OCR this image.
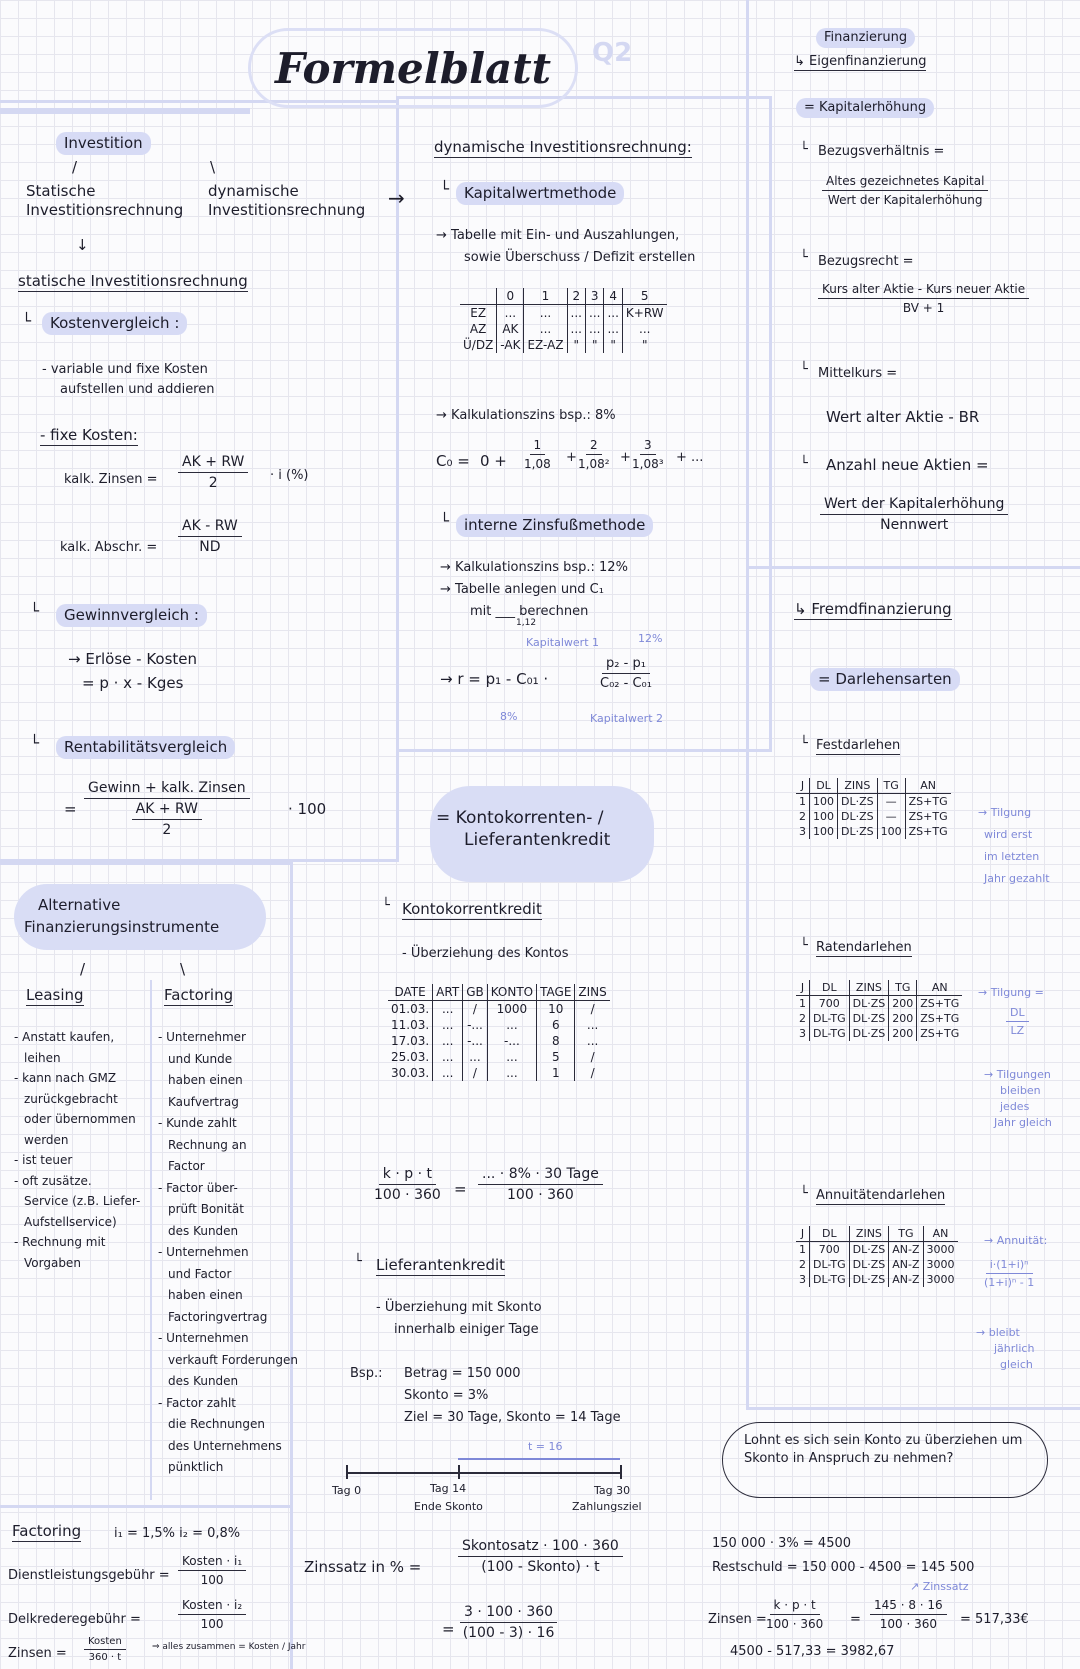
Formelblatt	Q2
Investition
/	\
Statische Investitionsrechnung
dynamische Investitionsrechnung
↓
→
statische Investitionsrechnung
└	Kostenvergleich :
- variable und fixe Kosten
aufstellen und addieren
- fixe Kosten:
kalk. Zinsen = $\frac{AK + RW}{2} \cdot i$ (%)
kalk. Abschr. = $\frac{AK - RW}{ND}$
└	Gewinnvergleich :
→ Erlöse - Kosten
= p · x - Kges
└	Rentabilitätsvergleich
=
Gewinn + kalk. Zinsen
AK + RW
2
· 100
dynamische Investitionsrechnung:
└ Kapitalwertmethode
→ Tabelle mit Ein- und Auszahlungen,
sowie Überschuss / Defizit erstellen
	0	1	2	3	4	5
EZ	...	...	...	...	...	K+RW
AZ	AK	...	...	...	...	...
Ü/DZ	-AK	EZ-AZ	"	"	"	"
→ Kalkulationszins bsp.: 8%
$C_0 = 0 + \frac{1}{1,08} + \frac{2}{\text{1,08²}} + \frac{3}{\text{1,08³}}$ + ...
└ interne Zinsfußmethode
→ Kalkulationszins bsp.: 12%
→ Tabelle anlegen und C₁
mit ___ berechnen
1,12
Kapitalwert 1	12%
→ r = p₁ - C₀₁ ·	$\frac{\text{p₂ - p₁}}{\text{C₀₂ - C₀₁}}$
8%	Kapitalwert 2
Finanzierung
↳ Eigenfinanzierung
= Kapitalerhöhung
└ Bezugsverhältnis =
Altes gezeichnetes Kapital
Wert der Kapitalerhöhung
└ Bezugsrecht =
Kurs alter Aktie - Kurs neuer Aktie
BV + 1
└ Mittelkurs =
Wert alter Aktie - BR
└ Anzahl neue Aktien =
Wert der Kapitalerhöhung
Nennwert
↳ Fremdfinanzierung
= Darlehensarten
└ Festdarlehen
J	DL	ZINS	TG	AN
1	100	DL·ZS	—	ZS+TG
2	100	DL·ZS	—	ZS+TG
3	100	DL·ZS	100	ZS+TG
→ Tilgung
wird erst
im letzten
Jahr gezahlt
└ Ratendarlehen
J	DL	ZINS	TG	AN
1	700	DL·ZS	200	ZS+TG
2	DL-TG	DL·ZS	200	ZS+TG
3	DL-TG	DL·ZS	200	ZS+TG
→ Tilgung =
$\frac{DL}{LZ}$
→ Tilgungen
bleiben
jedes
Jahr gleich
└ Annuitätendarlehen
J	DL	ZINS	TG	AN
1	700	DL·ZS	AN-Z	3000
2	DL-TG	DL·ZS	AN-Z	3000
3	DL-TG	DL·ZS	AN-Z	3000
→ Annuität:
$\frac{\text{i·(1+i)ⁿ}}{\text{(1+i)ⁿ - 1}}$
→ bleibt
jährlich
gleich
Alternative
Finanzierungsinstrumente
/	\
Leasing	Factoring
- Anstatt kaufen,
leihen
- kann nach GMZ
zurückgebracht
oder übernommen
werden
- ist teuer
- oft zusätze.
Service (z.B. Liefer-
Aufstellservice)
- Rechnung mit
Vorgaben
- Unternehmer
und Kunde
haben einen
Kaufvertrag
- Kunde zahlt
Rechnung an
Factor
- Factor über-
prüft Bonität
des Kunden
- Unternehmen
und Factor
haben einen
Factoringvertrag
- Unternehmen
verkauft Forderungen
des Kunden
- Factor zahlt
die Rechnungen
des Unternehmens
pünktlich
Factoring	i₁ = 1,5% i₂ = 0,8%
Dienstleistungsgebühr =
Kosten · i₁
100
Delkrederegebühr =
Kosten · i₂
100
Zinsen =
Kosten
360 · t
⇒ alles zusammen = Kosten / Jahr
= Kontokorrenten- /
Lieferantenkredit
└ Kontokorrentkredit
- Überziehung des Kontos
DATE	ART	GB	KONTO	TAGE	ZINS
01.03.	...	/	1000	10	/
11.03.	...	-...	...	6	...
17.03.	...	-...	-...	8	...
25.03.	...	...	...	5	/
30.03.	...	/	...	1	/
$\frac{k \cdot p \cdot t}{100 \cdot 360}$ =
... · 8% · 30 Tage
100 · 360
└ Lieferantenkredit
- Überziehung mit Skonto
innerhalb einiger Tage
Bsp.: Betrag = 150 000
Skonto = 3%
Ziel = 30 Tage, Skonto = 14 Tage
t = 16
Tag 0	Tag 14
Ende Skonto
Tag 30
Zahlungsziel
Lohnt es sich sein Konto zu überziehen um Skonto in Anspruch zu nehmen?
Zinssatz in % =
Skontosatz · 100 · 360
(100 - Skonto) · t
= $\frac{3 \cdot 100 \cdot 360}{(100 - 3) \cdot 16}$
150 000 · 3% = 4500
Restschuld = 150 000 - 4500 = 145 500
↗ Zinssatz
Zinsen = $\frac{k \cdot p \cdot t}{100 \cdot 360} = \frac{145 \cdot 8 \cdot 16}{100 \cdot 360}$ = 517,33€
4500 - 517,33 = 3982,67
